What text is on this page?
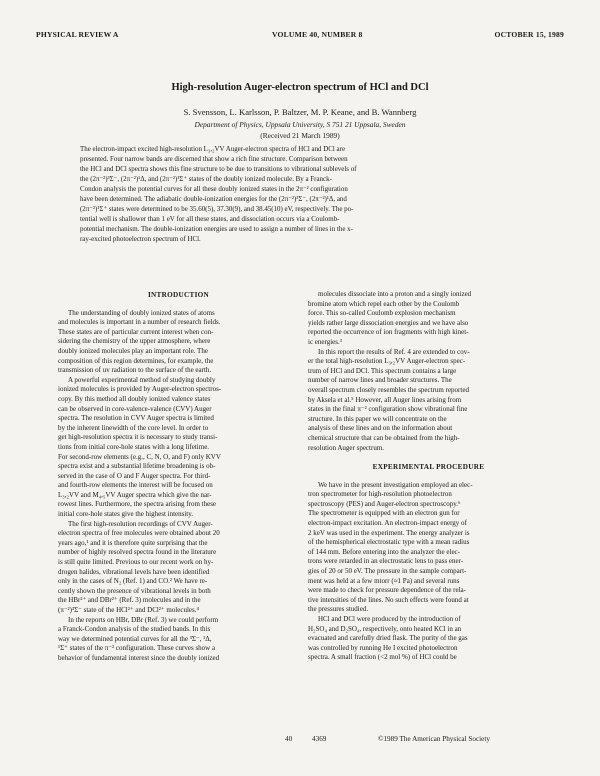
PHYSICAL REVIEW A	VOLUME 40, NUMBER 8	OCTOBER 15, 1989
High-resolution Auger-electron spectrum of HCl and DCl
S. Svensson, L. Karlsson, P. Baltzer, M. P. Keane, and B. Wannberg
Department of Physics, Uppsala University, S 751 21 Uppsala, Sweden
(Received 21 March 1989)
The electron-impact excited high-resolution L₃,₂VV Auger-electron spectra of HCl and DCl are
presented. Four narrow bands are discerned that show a rich fine structure. Comparison between
the HCl and DCl spectra shows this fine structure to be due to transitions to vibrational sublevels of
the (2π⁻²)³Σ⁻, (2π⁻²)¹Δ, and (2π⁻²)¹Σ⁺ states of the doubly ionized molecule. By a Franck-
Condon analysis the potential curves for all these doubly ionized states in the 2π⁻² configuration
have been determined. The adiabatic double-ionization energies for the (2π⁻²)³Σ⁻, (2π⁻²)¹Δ, and
(2π⁻²)¹Σ⁺ states were determined to be 35.60(5), 37.30(9), and 38.45(10) eV, respectively. The po-
tential well is shallower than 1 eV for all these states, and dissociation occurs via a Coulomb-
potential mechanism. The double-ionization energies are used to assign a number of lines in the x-
ray-excited photoelectron spectrum of HCl.
INTRODUCTION
The understanding of doubly ionized states of atoms
and molecules is important in a number of research fields.
These states are of particular current interest when con-
sidering the chemistry of the upper atmosphere, where
doubly ionized molecules play an important role. The
composition of this region determines, for example, the
transmission of uv radiation to the surface of the earth.
A powerful experimental method of studying doubly
ionized molecules is provided by Auger-electron spectros-
copy. By this method all doubly ionized valence states
can be observed in core-valence-valence (CVV) Auger
spectra. The resolution in CVV Auger spectra is limited
by the inherent linewidth of the core level. In order to
get high-resolution spectra it is necessary to study transi-
tions from initial core-hole states with a long lifetime.
For second-row elements (e.g., C, N, O, and F) only KVV
spectra exist and a substantial lifetime broadening is ob-
served in the case of O and F Auger spectra. For third-
and fourth-row elements the interest will be focused on
L₃,₂VV and M₄,₅VV Auger spectra which give the nar-
rowest lines. Furthermore, the spectra arising from these
initial core-hole states give the highest intensity.
The first high-resolution recordings of CVV Auger-
electron spectra of free molecules were obtained about 20
years ago,¹ and it is therefore quite surprising that the
number of highly resolved spectra found in the literature
is still quite limited. Previous to our recent work on hy-
drogen halides, vibrational levels have been identified
only in the cases of N₂ (Ref. 1) and CO.² We have re-
cently shown the presence of vibrational levels in both
the HBr²⁺ and DBr²⁺ (Ref. 3) molecules and in the
(π⁻²)³Σ⁻ state of the HCl²⁺ and DCl²⁺ molecules.⁴
In the reports on HBr, DBr (Ref. 3) we could perform
a Franck-Condon analysis of the studied bands. In this
way we determined potential curves for all the ³Σ⁻, ¹Δ,
¹Σ⁺ states of the π⁻² configuration. These curves show a
behavior of fundamental interest since the doubly ionized
molecules dissociate into a proton and a singly ionized
bromine atom which repel each other by the Coulomb
force. This so-called Coulomb explosion mechanism
yields rather large dissociation energies and we have also
reported the occurrence of ion fragments with high kinet-
ic energies.³
In this report the results of Ref. 4 are extended to cov-
er the total high-resolution L₃,₂VV Auger-electron spec-
trum of HCl and DCl. This spectrum contains a large
number of narrow lines and broader structures. The
overall spectrum closely resembles the spectrum reported
by Aksela et al.⁵ However, all Auger lines arising from
states in the final π⁻² configuration show vibrational fine
structure. In this paper we will concentrate on the
analysis of these lines and on the information about
chemical structure that can be obtained from the high-
resolution Auger spectrum.
EXPERIMENTAL PROCEDURE
We have in the present investigation employed an elec-
tron spectrometer for high-resolution photoelectron
spectroscopy (PES) and Auger-electron spectroscopy.⁶
The spectrometer is equipped with an electron gun for
electron-impact excitation. An electron-impact energy of
2 keV was used in the experiment. The energy analyzer is
of the hemispherical electrostatic type with a mean radius
of 144 mm. Before entering into the analyzer the elec-
trons were retarded in an electrostatic lens to pass ener-
gies of 20 or 50 eV. The pressure in the sample compart-
ment was held at a few mtorr (≈1 Pa) and several runs
were made to check for pressure dependence of the rela-
tive intensities of the lines. No such effects were found at
the pressures studied.
HCl and DCl were produced by the introduction of
H₂SO₄ and D₂SO₄, respectively, onto heated KCl in an
evacuated and carefully dried flask. The purity of the gas
was controlled by running He I excited photoelectron
spectra. A small fraction (<2 mol %) of HCl could be
40	4369	©1989 The American Physical Society
